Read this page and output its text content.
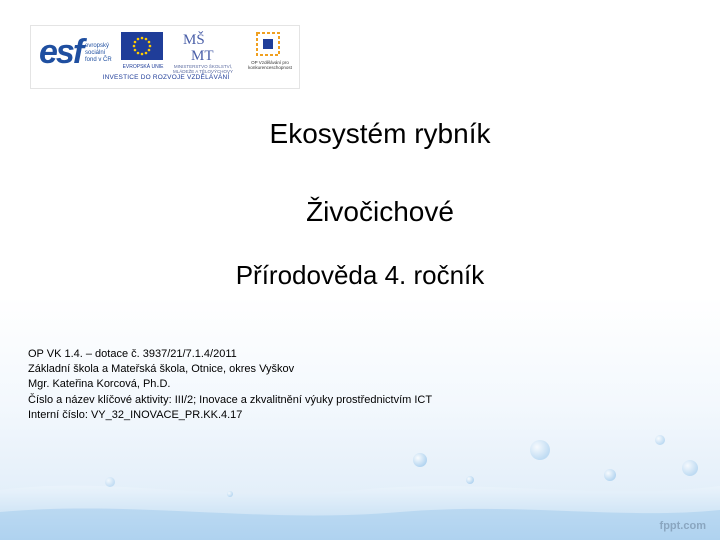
esf evropský
sociální
fond v ČR
EVROPSKÁ UNIE
MŠ
MT
MINISTERSTVO ŠKOLSTVÍ, MLÁDEŽE A TĚLOVÝCHOVY
OP Vzdělávání pro konkurenceschopnost
INVESTICE DO ROZVOJE VZDĚLÁVÁNÍ
Ekosystém rybník
Živočichové
Přírodověda 4. ročník
OP VK 1.4. – dotace č. 3937/21/7.1.4/2011
Základní škola a Mateřská škola, Otnice, okres Vyškov
Mgr. Kateřina Korcová, Ph.D.
Číslo a název klíčové aktivity: III/2; Inovace a zkvalitnění výuky prostřednictvím ICT
Interní číslo: VY_32_INOVACE_PR.KK.4.17
fppt.com
